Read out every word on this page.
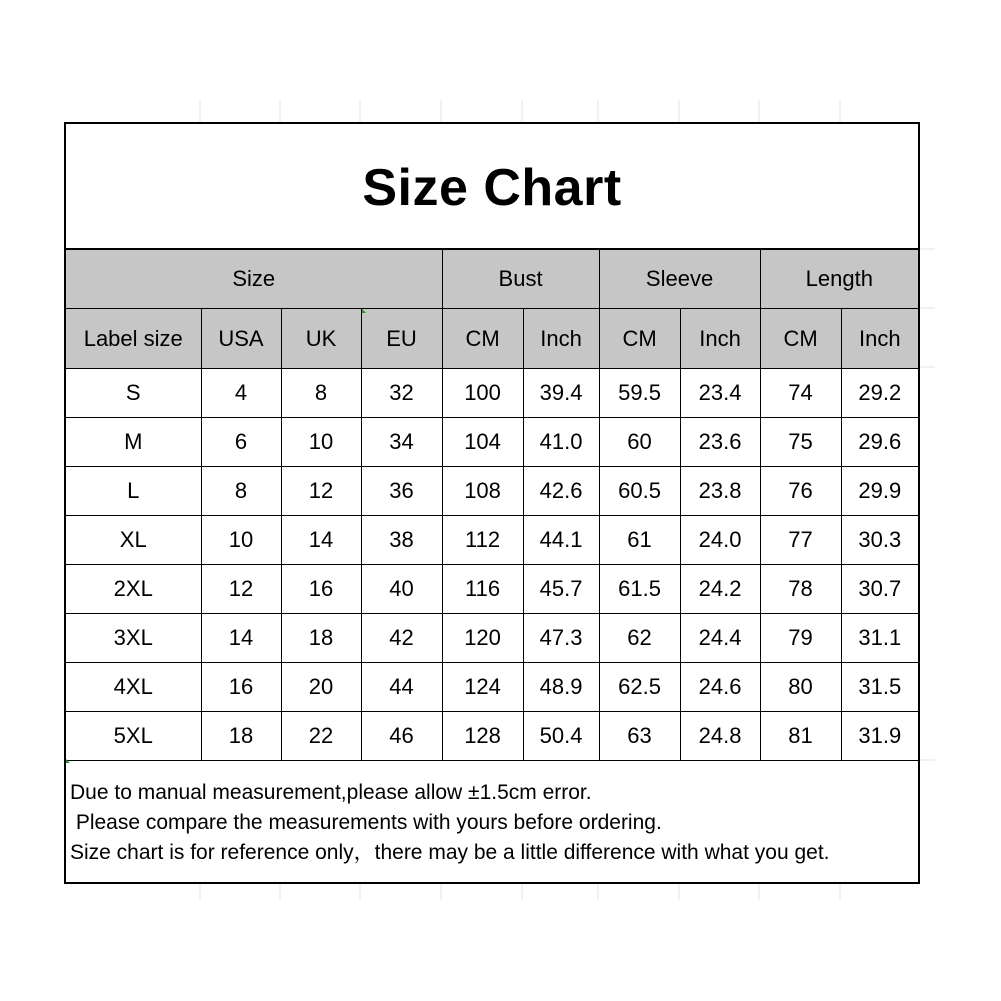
Size Chart
Size				Bust		Sleeve		Length	
Label size	USA	UK	EU	CM	Inch	CM	Inch	CM	Inch
S	4	8	32	100	39.4	59.5	23.4	74	29.2
M	6	10	34	104	41.0	60	23.6	75	29.6
L	8	12	36	108	42.6	60.5	23.8	76	29.9
XL	10	14	38	112	44.1	61	24.0	77	30.3
2XL	12	16	40	116	45.7	61.5	24.2	78	30.7
3XL	14	18	42	120	47.3	62	24.4	79	31.1
4XL	16	20	44	124	48.9	62.5	24.6	80	31.5
5XL	18	22	46	128	50.4	63	24.8	81	31.9
Due to manual measurement,please allow ±1.5cm error.
Please compare the measurements with yours before ordering.
Size chart is for reference only，there may be a little difference with what you get.
